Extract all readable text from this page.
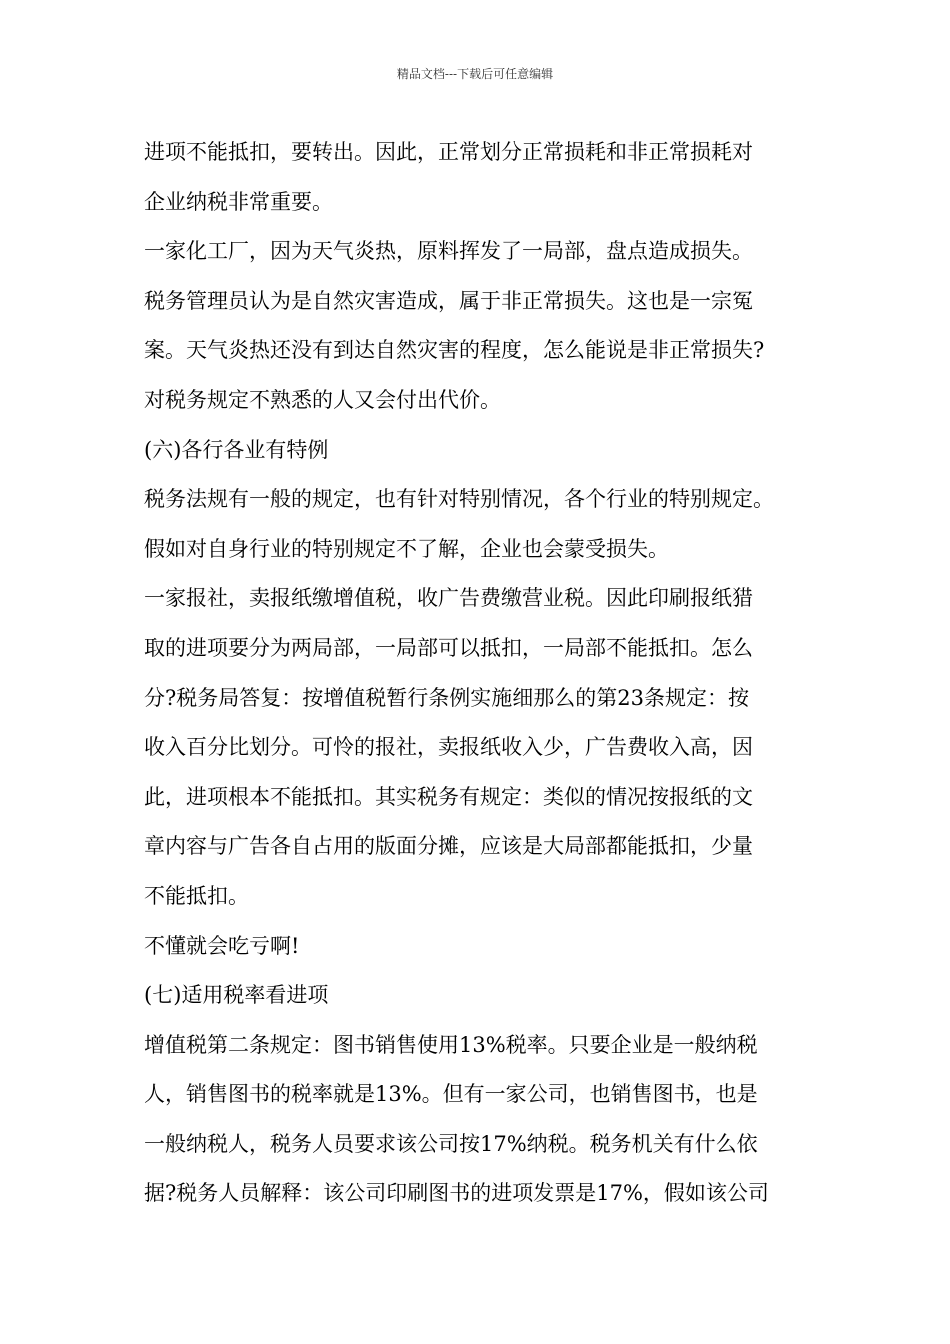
精品文档---下载后可任意编辑
进项不能抵扣，要转出。因此，正常划分正常损耗和非正常损耗对
企业纳税非常重要。
一家化工厂，因为天气炎热，原料挥发了一局部，盘点造成损失。
税务管理员认为是自然灾害造成，属于非正常损失。这也是一宗冤
案。天气炎热还没有到达自然灾害的程度，怎么能说是非正常损失?
对税务规定不熟悉的人又会付出代价。
(六)各行各业有特例
税务法规有一般的规定，也有针对特别情况，各个行业的特别规定。
假如对自身行业的特别规定不了解，企业也会蒙受损失。
一家报社，卖报纸缴增值税，收广告费缴营业税。因此印刷报纸猎
取的进项要分为两局部，一局部可以抵扣，一局部不能抵扣。怎么
分?税务局答复：按增值税暂行条例实施细那么的第23条规定：按
收入百分比划分。可怜的报社，卖报纸收入少，广告费收入高，因
此，进项根本不能抵扣。其实税务有规定：类似的情况按报纸的文
章内容与广告各自占用的版面分摊，应该是大局部都能抵扣，少量
不能抵扣。
不懂就会吃亏啊!
(七)适用税率看进项
增值税第二条规定：图书销售使用13%税率。只要企业是一般纳税
人，销售图书的税率就是13%。但有一家公司，也销售图书，也是
一般纳税人，税务人员要求该公司按17%纳税。税务机关有什么依
据?税务人员解释：该公司印刷图书的进项发票是17%，假如该公司
